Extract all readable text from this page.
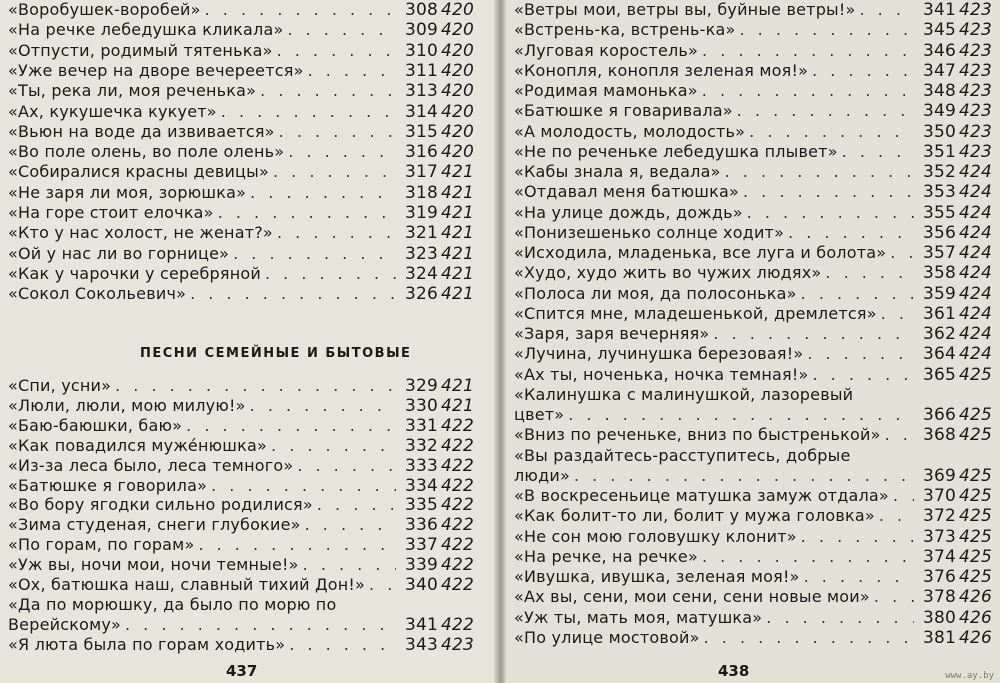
«Воробушек-воробей» . . .	308 420
«На речке лебедушка кликала» . . .	309 420
«Отпусти, родимый тятенька» . . .	310 420
«Уже вечер на дворе вечереется» . . .	311 420
«Ты, река ли, моя реченька» . . .	313 420
«Ах, кукушечка кукует» . . .	314 420
«Вьюн на воде да извивается» . . .	315 420
«Во поле олень, во поле олень» . . .	316 420
«Собиралися красны девицы» . . .	317 421
«Не заря ли моя, зорюшка» . . .	318 421
«На горе стоит елочка» . . .	319 421
«Кто у нас холост, не женат?» . . .	321 421
«Ой у нас ли во горнице» . . .	323 421
«Как у чарочки у серебряной . . .	324 421
«Сокол Сокольевич» . . .	326 421
ПЕСНИ СЕМЕЙНЫЕ И БЫТОВЫЕ
«Спи, усни» . . .	329 421
«Люли, люли, мою милую!» . . .	330 421
«Баю-баюшки, баю» . . .	331 422
«Как повадился муже́нюшка» . . .	332 422
«Из-за леса было, леса темного» . . .	333 422
«Батюшке я говорила» . . .	334 422
«Во бору ягодки сильно родилися» . . .	335 422
«Зима студеная, снеги глубокие» . . .	336 422
«По горам, по горам» . . .	337 422
«Уж вы, ночи мои, ночи темные!» . . .	339 422
«Ох, батюшка наш, славный тихий Дон!» . . . 340 422
«Да по морюшку, да было по морю по
Верейскому» . . .	341 422
«Я люта была по горам ходить» . . .	343 423
437
«Ветры мои, ветры вы, буйные ветры!» . . .	341 423
«Встрень-ка, встрень-ка» . . .	345 423
«Луговая коростель» . . .	346 423
«Конопля, конопля зеленая моя!» . . .	347 423
«Родимая мамонька» . . .	348 423
«Батюшке я говаривала» . . .	349 423
«А молодость, молодость» . . .	350 423
«Не по реченьке лебедушка плывет» . . .	351 423
«Кабы знала я, ведала» . . .	352 424
«Отдавал меня батюшка» . . .	353 424
«На улице дождь, дождь» . . .	355 424
«Понизешенько солнце ходит» . . .	356 424
«Исходила, младенька, все луга и болота» . . . 357 424
«Худо, худо жить во чужих людях» . . .	358 424
«Полоса ли моя, да полосонька» . . .	359 424
«Спится мне, младешенькой, дремлется» . . .	361 424
«Заря, заря вечерняя» . . .	362 424
«Лучина, лучинушка березовая!» . . .	364 424
«Ах ты, ноченька, ночка темная!» . . .	365 425
«Калинушка с малинушкой, лазоревый
цвет» . . .	366 425
«Вниз по реченьке, вниз по быстренькой» . . . 368 425
«Вы раздайтесь-расступитесь, добрые
люди» . . .	369 425
«В воскресеньице матушка замуж отдала» . . . 370 425
«Как болит-то ли, болит у мужа головка» . . .	372 425
«Не сон мою головушку клонит» . . .	373 425
«На речке, на речке» . . .	374 425
«Ивушка, ивушка, зеленая моя!» . . .	376 425
«Ах вы, сени, мои сени, сени новые мои» . . .	378 426
«Уж ты, мать моя, матушка» . . .	380 426
«По улице мостовой» . . .	381 426
438	www.ay.by
